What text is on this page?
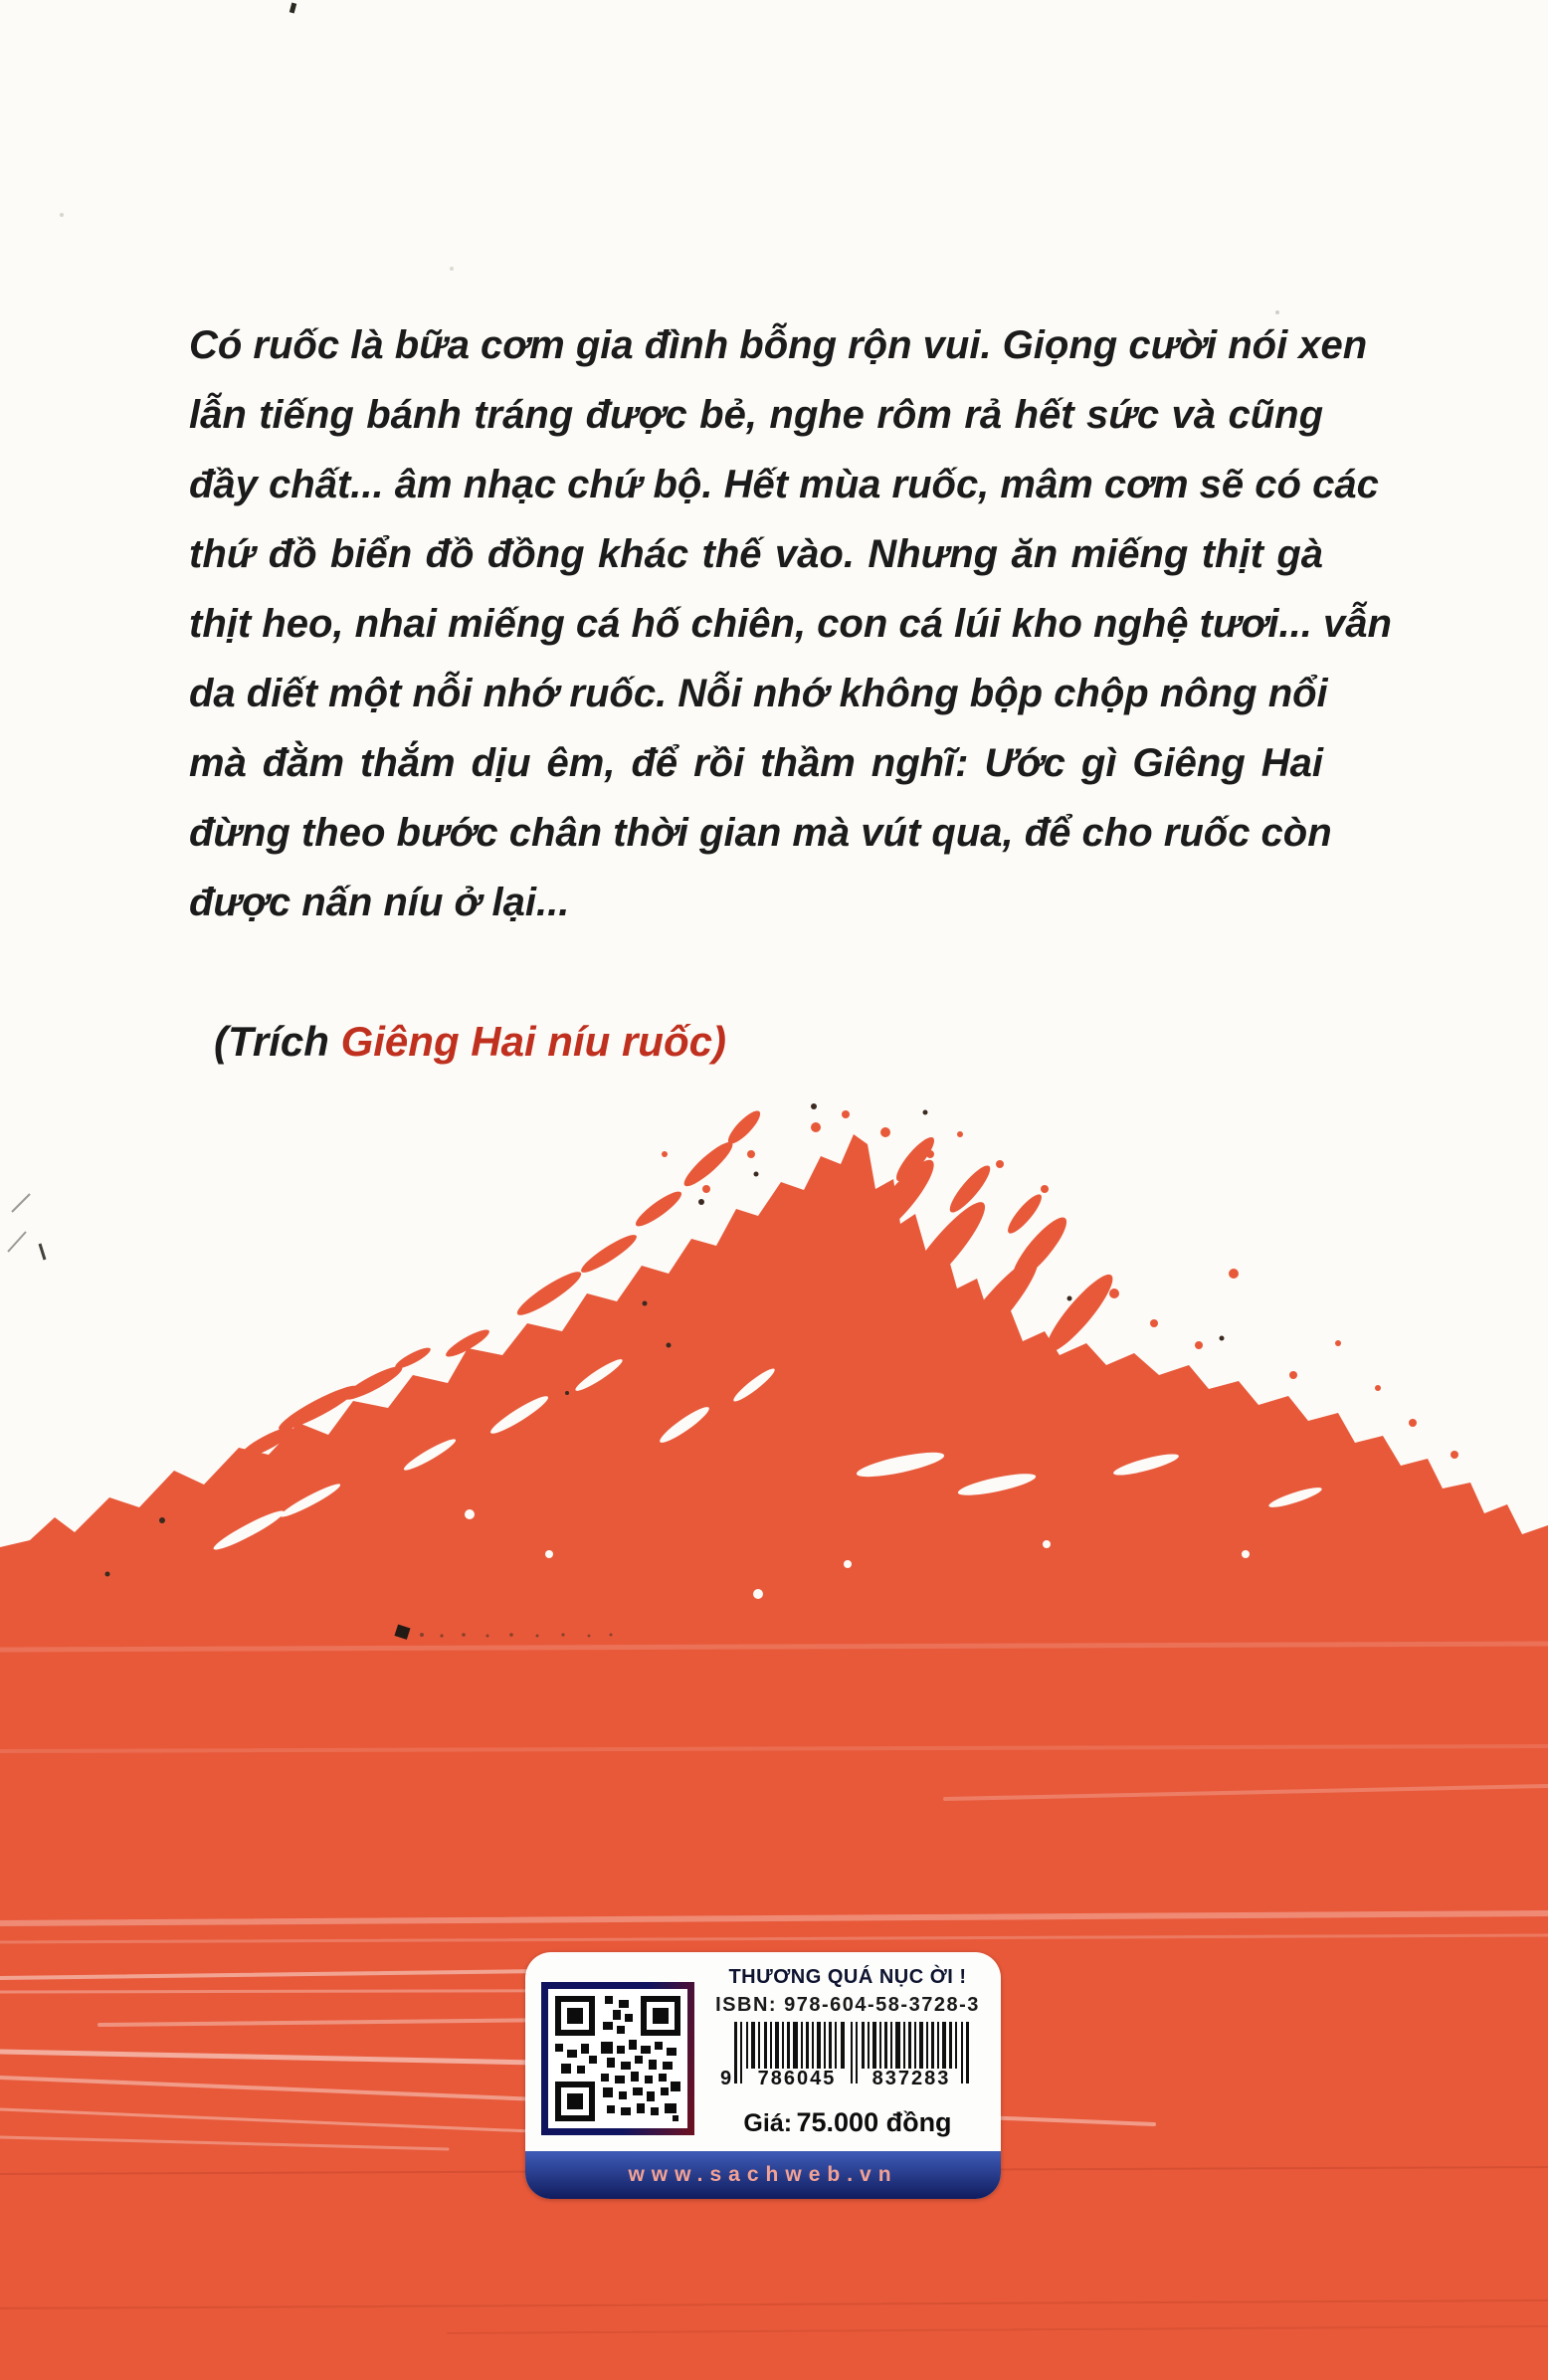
Có ruốc là bữa cơm gia đình bỗng rộn vui. Giọng cười nói xen
lẫn tiếng bánh tráng được bẻ, nghe rôm rả hết sức và cũng
đầy chất... âm nhạc chứ bộ. Hết mùa ruốc, mâm cơm sẽ có các
thứ đồ biển đồ đồng khác thế vào. Nhưng ăn miếng thịt gà
thịt heo, nhai miếng cá hố chiên, con cá lúi kho nghệ tươi... vẫn
da diết một nỗi nhớ ruốc. Nỗi nhớ không bộp chộp nông nổi
mà đằm thắm dịu êm, để rồi thầm nghĩ: Ước gì Giêng Hai
đừng theo bước chân thời gian mà vút qua, để cho ruốc còn
được nấn níu ở lại...
(Trích Giêng Hai níu ruốc)
THƯƠNG QUÁ NỤC ỜI !
ISBN: 978-604-58-3728-3
9 786045 837283
Giá: 75.000 đồng
www.sachweb.vn
